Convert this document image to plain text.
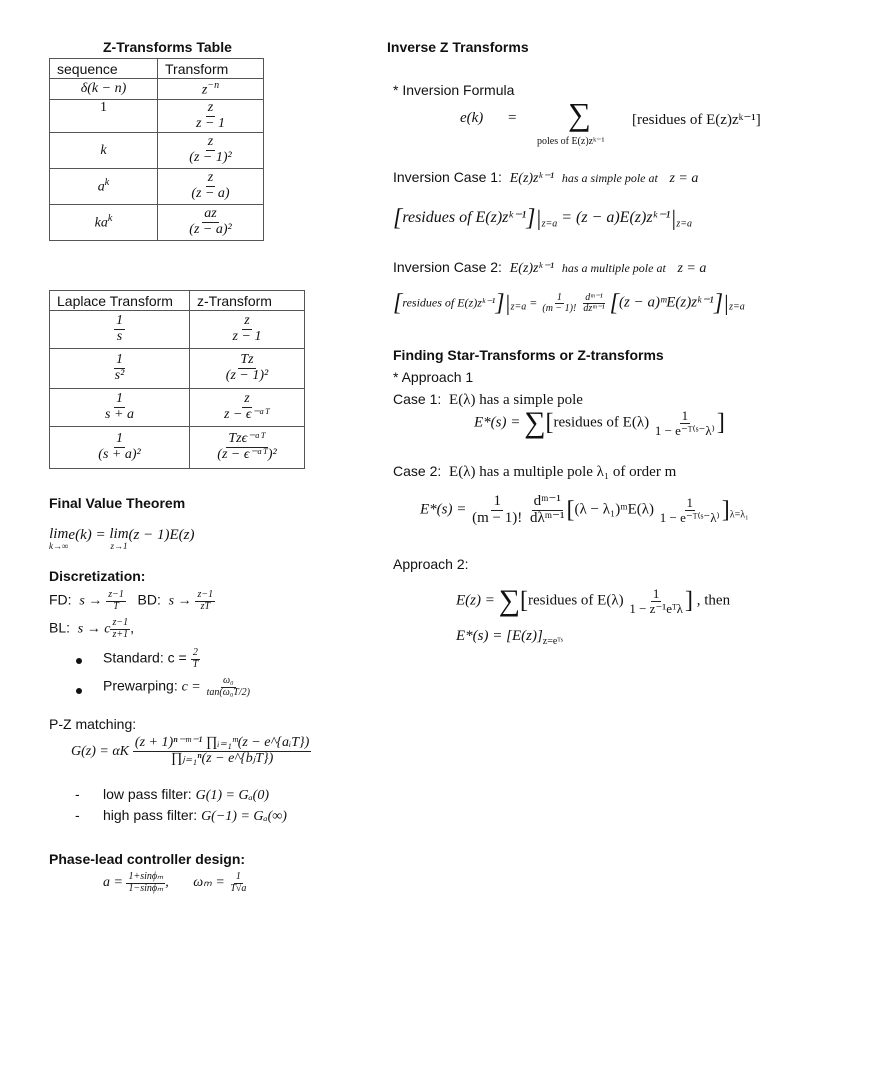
Z-Transforms Table
sequence	Transform
δ(k − n)	$z^{-n}$
1	$\frac{z}{z - 1}$

k	$\frac{z}{\text{(z − 1)²}}$

$a^k$	$\frac{z}{(z - a)}$

$ka^k$	$\frac{az}{\text{(z − a)²}}$
Laplace Transform	z-Transform

$\frac{1}{s}$	$\frac{z}{z - 1}$

$\frac{1}{\text{s²}}$	$\frac{Tz}{\text{(z − 1)²}}$

$\frac{1}{s + a}$	$\frac{z}{\text{z − ϵ⁻ᵃᵀ}}$

$\frac{1}{\text{(s + a)²}}$	$\frac{\text{Tzϵ⁻ᵃᵀ}}{\text{(z − ϵ⁻ᵃᵀ)²}}$
Final Value Theorem
lim
k→∞
e(k) = lim
z→1
(z − 1)E(z)
Discretization:
FD: $s \to \frac{z-1}{T}$ BD: $s \to \frac{z-1}{zT}$
BL: s → c $\frac{z-1}{z+1}$ ,
Standard: $c = \frac{2}{T}$
Prewarping: $c = \frac{\text{ω₀}}{\text{tan(ω₀T/2)}}$
P-Z matching:
G(z) = αK $\frac{\text{(z + 1)ⁿ⁻ᵐ⁻¹ ∏ᵢ₌₁ᵐ(z − e\textasciicircum{}\{aᵢT\})}}{\text{∏ⱼ₌₁ⁿ(z − e\textasciicircum{}\{bⱼT\})}}$
- low pass filter: G(1) = Gₐ(0)
- high pass filter: G(−1) = Gₐ(∞)
Phase-lead controller design:
$a = \frac{\text{1+sinϕₘ}}{\text{1−sinϕₘ}}$ , $\omega_m = \frac{1}{T√a}$
Inverse Z Transforms
* Inversion Formula
e(k) = ∑
poles of E(z)zᵏ⁻¹
[residues of E(z)zᵏ⁻¹]
Inversion Case 1: E(z)zᵏ⁻¹ has a simple pole at z = a
[residues of $E(z)zᵏ^{-1}]|_{z=a} = (z$ − $a)E(z)zᵏ^{-1}|_{z=a}$
Inversion Case 2: E(z)zᵏ⁻¹ has a multiple pole at z = a
[residues of $E(z)zᵏ^{-1}]|_{z=a} = \frac{1}{(m - 1)!}$
$\frac{\text{dᵐ⁻¹}}{\text{dzᵐ⁻¹}} [(z$ − $a)ᵐE(z)zᵏ^{-1}]|_{z=a}$
Finding Star-Transforms or Z-transforms
* Approach 1
Case 1: E(λ) has a simple pole
E*(s) = ∑[residues of $E(\lambda) \frac{1}{\text{1 − e⁻ᵀ⁽ˢ⁻λ⁾}}$ ]
Case 2: E(λ) has a multiple pole λ₁ of order m
$E*(s) = \frac{1}{(m - 1)!}$
$\frac{\text{dᵐ⁻¹}}{\text{dλᵐ⁻¹}} [(\lambda$ − λ₁)ᵐE(λ) $\frac{1}{\text{1 − e⁻ᵀ⁽ˢ⁻λ⁾}} ]_{\lambda=\lambda_1}$
Approach 2:
E(z) = ∑[residues of $E(\lambda) \frac{1}{\text{1 − z⁻¹eᵀλ}}$ ] , then
$E*(s) = [E(z)]_{z=eᵀˢ}$
